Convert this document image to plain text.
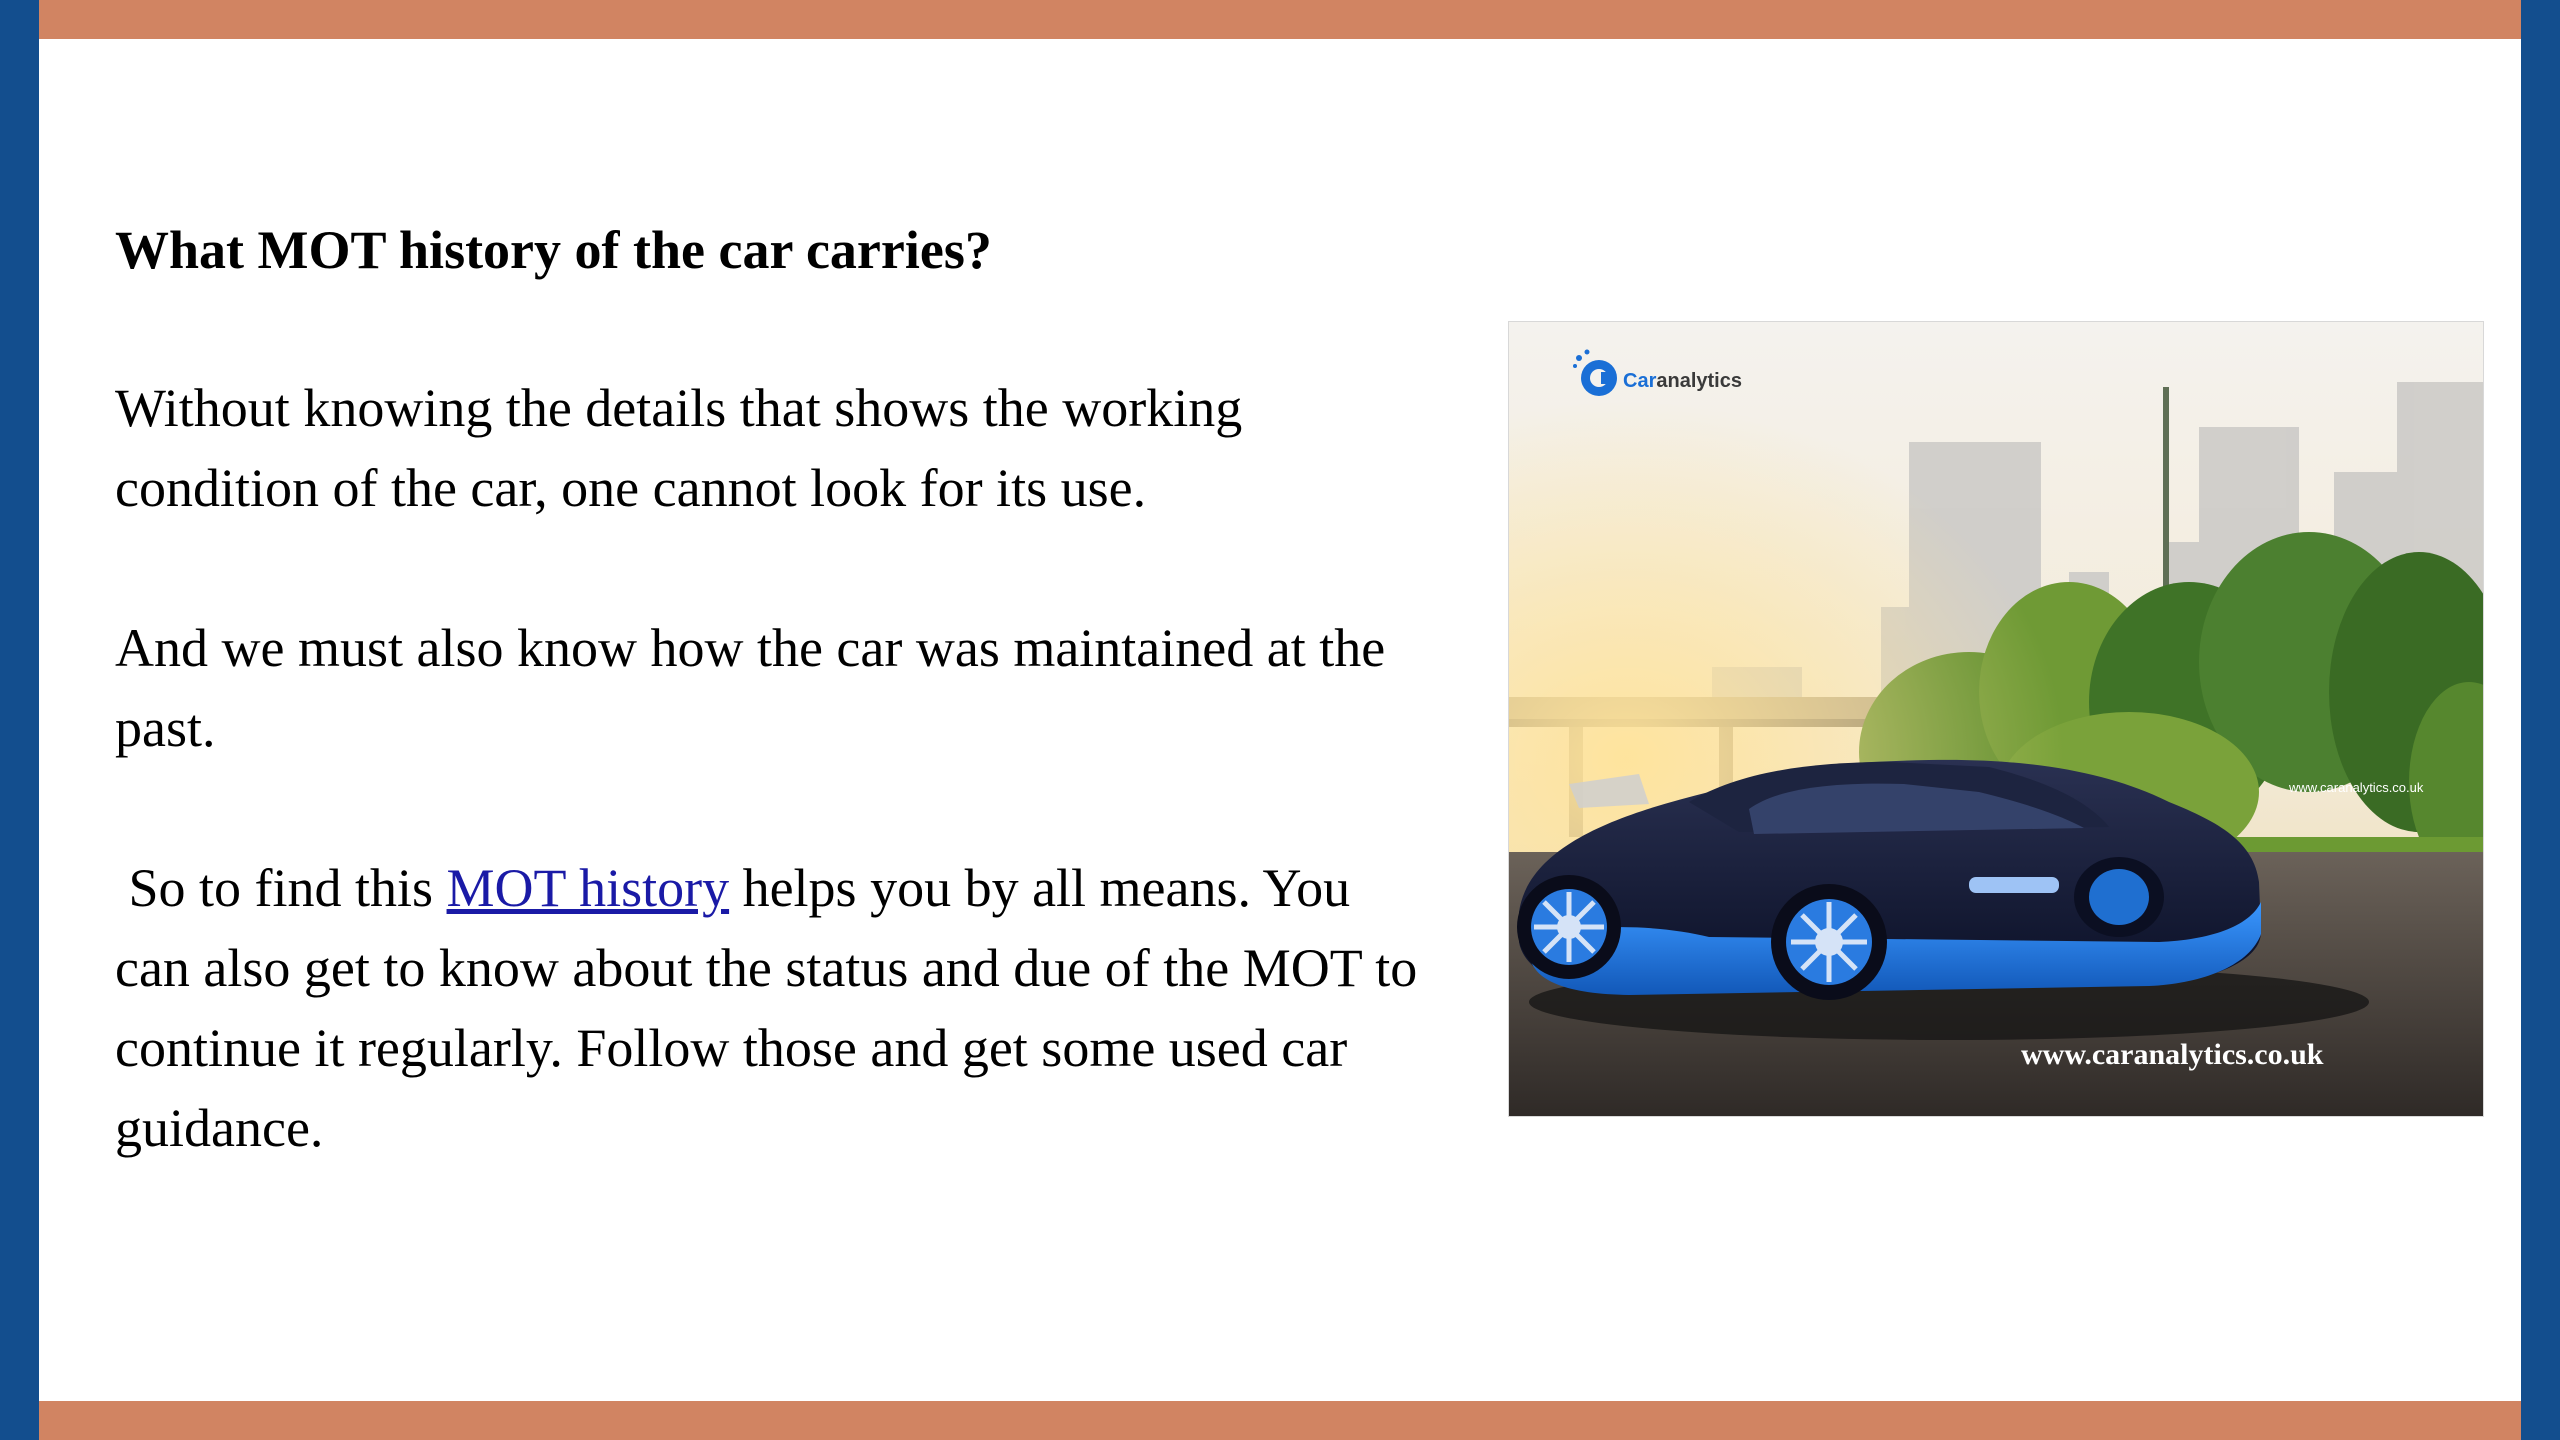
What MOT history of the car carries?

Without knowing the details that shows the working condition of the car, one cannot look for its use.

And we must also know how the car was maintained at the past.

So to find this MOT history helps you by all means. You can also get to know about the status and due of the MOT to continue it regularly. Follow those and get some used car guidance.

Caranalytics
www.caranalytics.co.uk
www.caranalytics.co.uk
